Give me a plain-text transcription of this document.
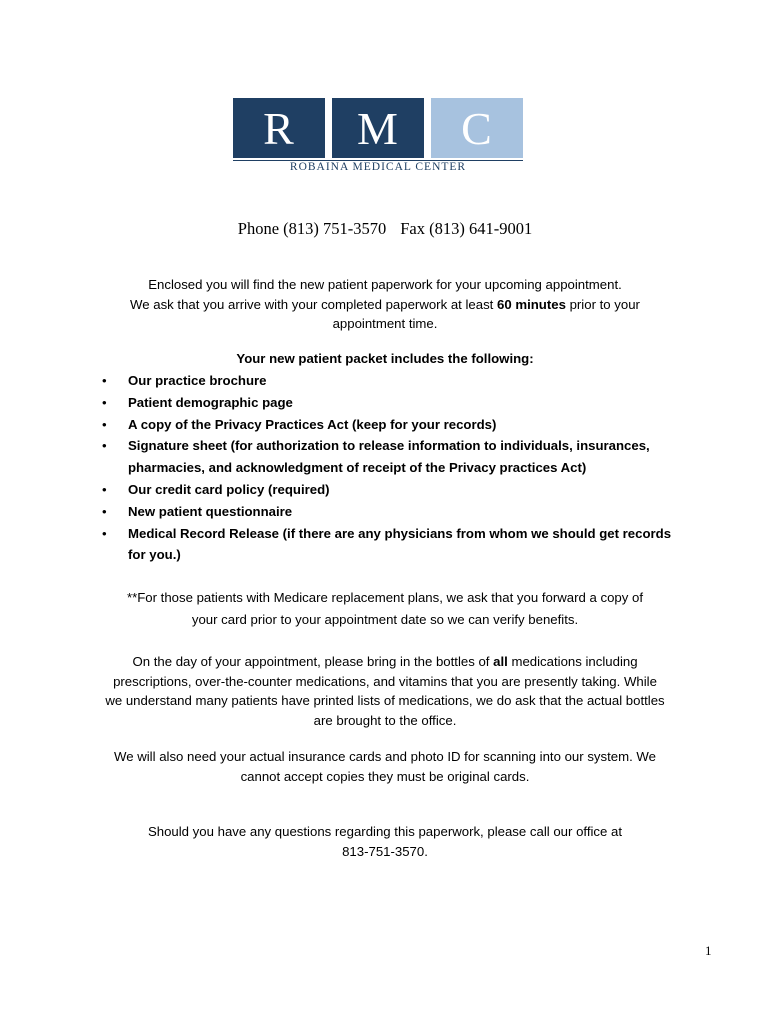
R	M	C
ROBAINA MEDICAL CENTER
Phone (813) 751-3570 Fax (813) 641-9001
Enclosed you will find the new patient paperwork for your upcoming appointment.
We ask that you arrive with your completed paperwork at least 60 minutes prior to your
appointment time.
Your new patient packet includes the following:
• Our practice brochure
• Patient demographic page
• A copy of the Privacy Practices Act (keep for your records)
• Signature sheet (for authorization to release information to individuals, insurances,
pharmacies, and acknowledgment of receipt of the Privacy practices Act)
• Our credit card policy (required)
• New patient questionnaire
• Medical Record Release (if there are any physicians from whom we should get records
for you.)
**For those patients with Medicare replacement plans, we ask that you forward a copy of
your card prior to your appointment date so we can verify benefits.
On the day of your appointment, please bring in the bottles of all medications including
prescriptions, over-the-counter medications, and vitamins that you are presently taking. While
we understand many patients have printed lists of medications, we do ask that the actual bottles
are brought to the office.
We will also need your actual insurance cards and photo ID for scanning into our system. We
cannot accept copies they must be original cards.
Should you have any questions regarding this paperwork, please call our office at
813-751-3570.
1
